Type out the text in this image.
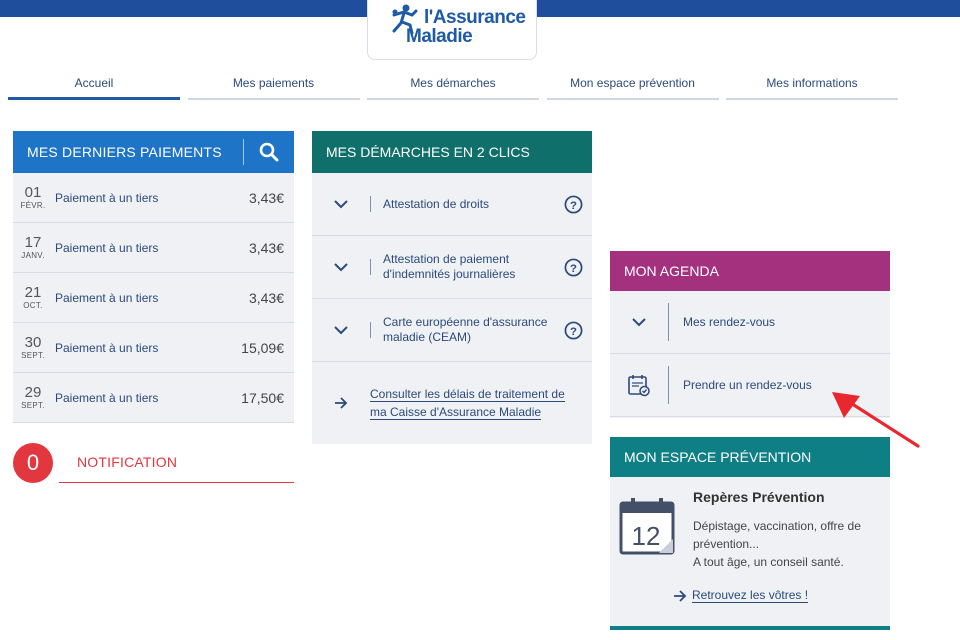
l'Assurance
Maladie
Accueil	Mes paiements	Mes démarches	Mon espace prévention	Mes informations
MES DERNIERS PAIEMENTS
01
FÉVR.
Paiement à un tiers	3,43€
17
JANV.
Paiement à un tiers	3,43€
21
OCT.
Paiement à un tiers	3,43€
30
SEPT.
Paiement à un tiers	15,09€
29
SEPT.
Paiement à un tiers	17,50€
0	NOTIFICATION
MES DÉMARCHES EN 2 CLICS
Attestation de droits	?
Attestation de paiement d'indemnités journalières	?
Carte européenne d'assurance maladie (CEAM)	?
Consulter les délais de traitement de ma Caisse d'Assurance Maladie
MON AGENDA
Mes rendez-vous
Prendre un rendez-vous
MON ESPACE PRÉVENTION
12
Repères Prévention
Dépistage, vaccination, offre de prévention...
A tout âge, un conseil santé.
Retrouvez les vôtres !
